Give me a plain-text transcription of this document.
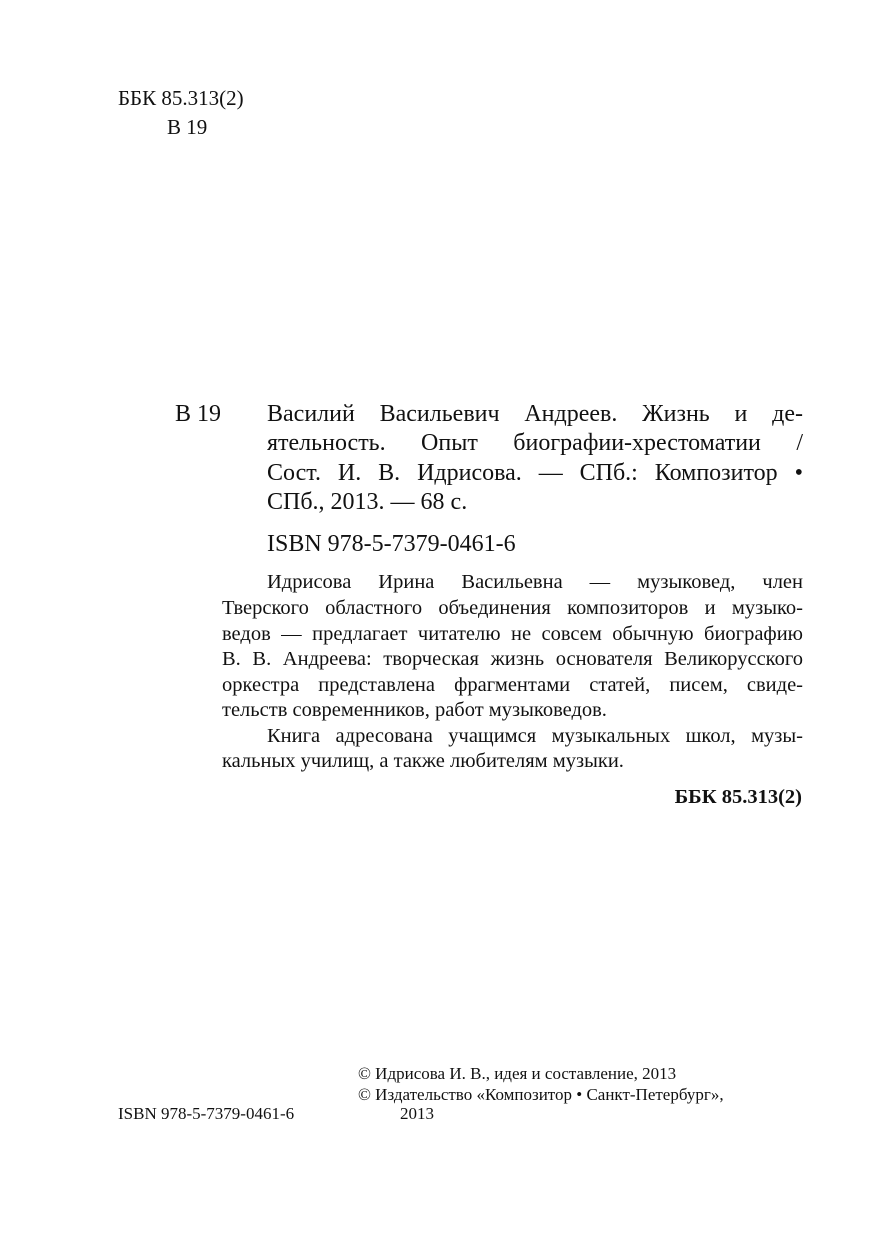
ББК 85.313(2)
В 19
В 19 Василий Васильевич Андреев. Жизнь и де-
ятельность. Опыт биографии-хрестоматии /
Сост. И. В. Идрисова. — СПб.: Композитор •
СПб., 2013. — 68 с.
ISBN 978-5-7379-0461-6
Идрисова Ирина Васильевна — музыковед, член
Тверского областного объединения композиторов и музыко-
ведов — предлагает читателю не совсем обычную биографию
В. В. Андреева: творческая жизнь основателя Великорусского
оркестра представлена фрагментами статей, писем, свиде-
тельств современников, работ музыковедов.
Книга адресована учащимся музыкальных школ, музы-
кальных училищ, а также любителям музыки.
ББК 85.313(2)
ISBN 978-5-7379-0461-6
© Идрисова И. В., идея и составление, 2013
© Издательство «Композитор • Санкт-Петербург»,
2013
